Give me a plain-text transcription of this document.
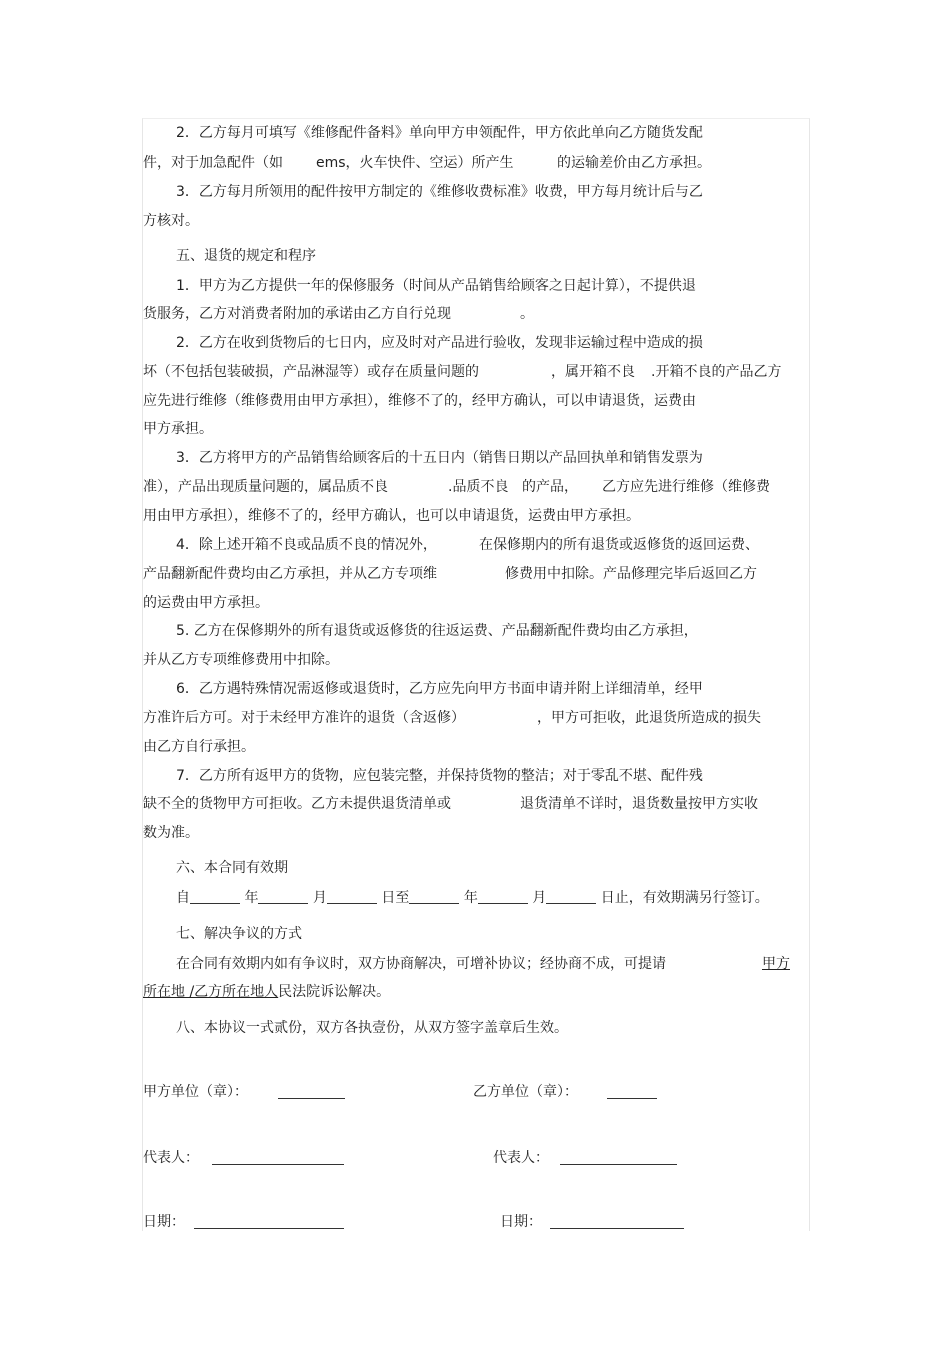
2．乙方每月可填写《维修配件备料》单向甲方申领配件，甲方依此单向乙方随货发配
件，对于加急配件（如 ems，火车快件、空运）所产生	的运输差价由乙方承担。
3．乙方每月所领用的配件按甲方制定的《维修收费标准》收费，甲方每月统计后与乙
方核对。
五、退货的规定和程序
1．甲方为乙方提供一年的保修服务（时间从产品销售给顾客之日起计算），不提供退
货服务，乙方对消费者附加的承诺由乙方自行兑现	。
2．乙方在收到货物后的七日内，应及时对产品进行验收，发现非运输过程中造成的损
坏（不包括包装破损，产品淋湿等）或存在质量问题的	，属开箱不良 .开箱不良的产品乙方
应先进行维修（维修费用由甲方承担），维修不了的，经甲方确认，可以申请退货，运费由
甲方承担。
3．乙方将甲方的产品销售给顾客后的十五日内（销售日期以产品回执单和销售发票为
准），产品出现质量问题的，属品质不良	.品质不良 的产品， 乙方应先进行维修（维修费
用由甲方承担），维修不了的，经甲方确认，也可以申请退货，运费由甲方承担。
4．除上述开箱不良或品质不良的情况外，	在保修期内的所有退货或返修货的返回运费、
产品翻新配件费均由乙方承担，并从乙方专项维	修费用中扣除。产品修理完毕后返回乙方
的运费由甲方承担。
5. 乙方在保修期外的所有退货或返修货的往返运费、产品翻新配件费均由乙方承担，
并从乙方专项维修费用中扣除。
6．乙方遇特殊情况需返修或退货时，乙方应先向甲方书面申请并附上详细清单，经甲
方准许后方可。对于未经甲方准许的退货（含返修）	，甲方可拒收，此退货所造成的损失
由乙方自行承担。
7．乙方所有返甲方的货物，应包装完整，并保持货物的整洁；对于零乱不堪、配件残
缺不全的货物甲方可拒收。乙方未提供退货清单或	退货清单不详时，退货数量按甲方实收
数为准。
六、本合同有效期
自	年	月	日至	年	月	日止，有效期满另行签订。
七、解决争议的方式
在合同有效期内如有争议时，双方协商解决，可增补协议；经协商不成，可提请	甲方
所在地 /乙方所在地人民法院诉讼解决。
八、本协议一式贰份，双方各执壹份，从双方签字盖章后生效。
甲方单位（章）：	乙方单位（章）：
代表人：	代表人：
日期：	日期：
